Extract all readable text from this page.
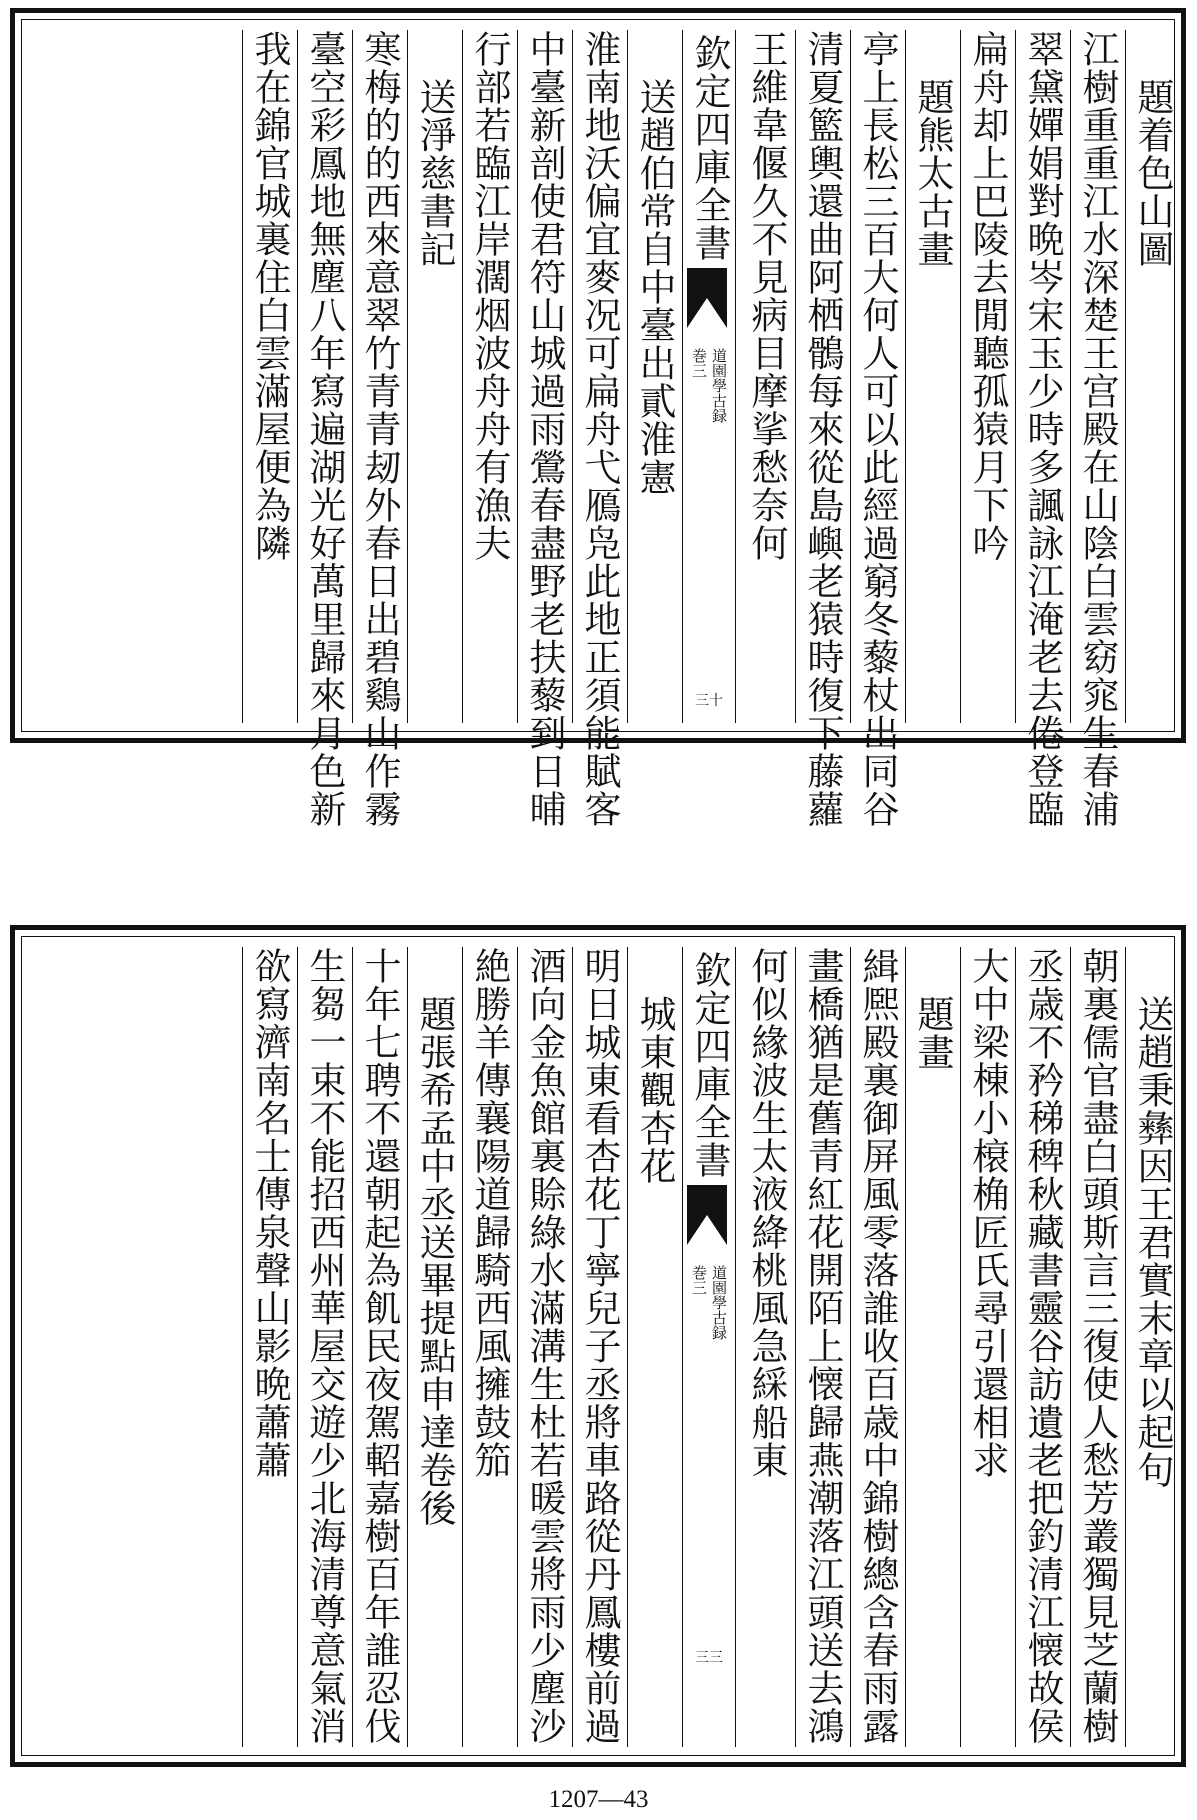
題着色山圖
江樹重重江水深楚王宫殿在山陰白雲窈窕生春浦
翠黛嬋娟對晩岑宋玉少時多諷詠江淹老去倦登臨
扁舟却上巴陵去閒聽孤猿月下吟
題熊太古畫
亭上長松三百大何人可以此經過窮冬藜杖出同谷
清夏籃輿還曲阿栖鶻每來從島嶼老猿時復下藤蘿
王維韋偃久不見病目摩挲愁奈何
欽定四庫全書
道園學古録
巻三
三十
送趙伯常自中臺出貳淮憲
淮南地沃偏宜麥况可扁舟弋鴈凫此地正須能賦客
中臺新剖使君符山城過雨鶯春盡野老扶藜到日晡
行部若臨江岸濶烟波舟舟有漁夫
送淨慈書記
寒梅的的西來意翠竹青青刼外春日出碧鷄山作霧
臺空彩鳳地無塵八年寫遍湖光好萬里歸來月色新
我在錦官城裏住白雲滿屋便為隣
送趙秉彝因王君實末章以起句
朝裏儒官盡白頭斯言三復使人愁芳叢獨見芝蘭樹
丞歳不矜稊稗秋藏書靈谷訪遺老把釣清江懐故侯
大中梁棟小榱桷匠氏尋引還相求
題畫
緝熈殿裏御屏風零落誰收百歳中錦樹總含春雨露
畫橋猶是舊青紅花開陌上懐歸燕潮落江頭送去鴻
何似緣波生太液絳桃風急綵船東
欽定四庫全書
道園學古録
巻三
三三
城東觀杏花
明日城東看杏花丁寧兒子丞將車路從丹鳳樓前過
酒向金魚館裏賒綠水滿溝生杜若暖雲將雨少塵沙
絶勝羊傳襄陽道歸騎西風擁鼓笳
題張希孟中丞送畢提點申達卷後
十年七聘不還朝起為飢民夜駕軺嘉樹百年誰忍伐
生芻一束不能招西州華屋交遊少北海清尊意氣消
欲寫濟南名士傳泉聲山影晩蕭蕭
1207—43
